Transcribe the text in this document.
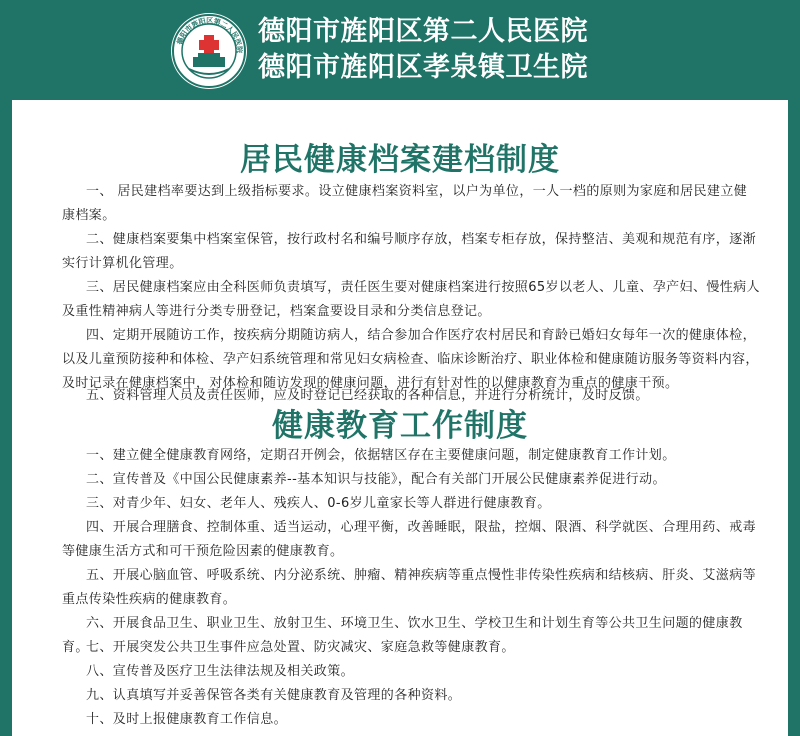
德阳市旌阳区第二人民医院
德阳市旌阳区第二人民医院
德阳市旌阳区孝泉镇卫生院
居民健康档案建档制度

一、 居民建档率要达到上级指标要求。设立健康档案资料室，以户为单位，一人一档的原则为家庭和居民建立健康档案。

二、健康档案要集中档案室保管，按行政村名和编号顺序存放，档案专柜存放，保持整洁、美观和规范有序，逐渐实行计算机化管理。

三、居民健康档案应由全科医师负责填写，责任医生要对健康档案进行按照65岁以老人、儿童、孕产妇、慢性病人及重性精神病人等进行分类专册登记，档案盒要设目录和分类信息登记。

四、定期开展随访工作，按疾病分期随访病人，结合参加合作医疗农村居民和育龄已婚妇女每年一次的健康体检，以及儿童预防接种和体检、孕产妇系统管理和常见妇女病检查、临床诊断治疗、职业体检和健康随访服务等资料内容，及时记录在健康档案中，对体检和随访发现的健康问题，进行有针对性的以健康教育为重点的健康干预。

五、资料管理人员及责任医师，应及时登记已经获取的各种信息，并进行分析统计，及时反馈。

健康教育工作制度

一、建立健全健康教育网络，定期召开例会，依据辖区存在主要健康问题，制定健康教育工作计划。

二、宣传普及《中国公民健康素养--基本知识与技能》，配合有关部门开展公民健康素养促进行动。

三、对青少年、妇女、老年人、残疾人、0-6岁儿童家长等人群进行健康教育。

四、开展合理膳食、控制体重、适当运动，心理平衡，改善睡眠，限盐，控烟、限酒、科学就医、合理用药、戒毒等健康生活方式和可干预危险因素的健康教育。

五、开展心脑血管、呼吸系统、内分泌系统、肿瘤、精神疾病等重点慢性非传染性疾病和结核病、肝炎、艾滋病等重点传染性疾病的健康教育。

六、开展食品卫生、职业卫生、放射卫生、环境卫生、饮水卫生、学校卫生和计划生育等公共卫生问题的健康教育。

七、开展突发公共卫生事件应急处置、防灾减灾、家庭急救等健康教育。

八、宣传普及医疗卫生法律法规及相关政策。

九、认真填写并妥善保管各类有关健康教育及管理的各种资料。

十、及时上报健康教育工作信息。
